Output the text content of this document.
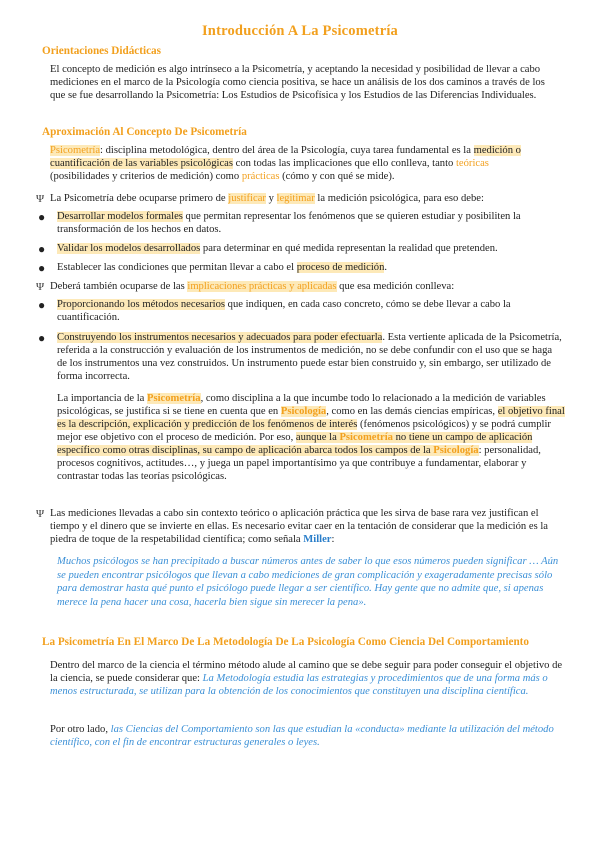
Introducción A La Psicometría
Orientaciones Didácticas
El concepto de medición es algo intrínseco a la Psicometría, y aceptando la necesidad y posibilidad de llevar a cabo mediciones en el marco de la Psicología como ciencia positiva, se hace un análisis de los dos caminos a través de los que se fue desarrollando la Psicometría: Los Estudios de Psicofísica y los Estudios de las Diferencias Individuales.
Aproximación Al Concepto De Psicometría
Psicometría: disciplina metodológica, dentro del área de la Psicología, cuya tarea fundamental es la medición o cuantificación de las variables psicológicas con todas las implicaciones que ello conlleva, tanto teóricas (posibilidades y criterios de medición) como prácticas (cómo y con qué se mide).
Ψ La Psicometría debe ocuparse primero de justificar y legitimar la medición psicológica, para eso debe:
● Desarrollar modelos formales que permitan representar los fenómenos que se quieren estudiar y posibiliten la transformación de los hechos en datos.
● Validar los modelos desarrollados para determinar en qué medida representan la realidad que pretenden.
● Establecer las condiciones que permitan llevar a cabo el proceso de medición.
Ψ Deberá también ocuparse de las implicaciones prácticas y aplicadas que esa medición conlleva:
● Proporcionando los métodos necesarios que indiquen, en cada caso concreto, cómo se debe llevar a cabo la cuantificación.
● Construyendo los instrumentos necesarios y adecuados para poder efectuarla. Esta vertiente aplicada de la Psicometría, referida a la construcción y evaluación de los instrumentos de medición, no se debe confundir con el uso que se haga de los instrumentos una vez construidos. Un instrumento puede estar bien construido y, sin embargo, ser utilizado de forma incorrecta.
La importancia de la Psicometría, como disciplina a la que incumbe todo lo relacionado a la medición de variables psicológicas, se justifica si se tiene en cuenta que en Psicología, como en las demás ciencias empíricas, el objetivo final es la descripción, explicación y predicción de los fenómenos de interés (fenómenos psicológicos) y se podrá cumplir mejor ese objetivo con el proceso de medición. Por eso, aunque la Psicometría no tiene un campo de aplicación específico como otras disciplinas, su campo de aplicación abarca todos los campos de la Psicología: personalidad, procesos cognitivos, actitudes…, y juega un papel importantísimo ya que contribuye a fundamentar, elaborar y contrastar todas las teorías psicológicas.
Ψ Las mediciones llevadas a cabo sin contexto teórico o aplicación práctica que les sirva de base rara vez justifican el tiempo y el dinero que se invierte en ellas. Es necesario evitar caer en la tentación de considerar que la medición es la piedra de toque de la respetabilidad científica; como señala Miller:
Muchos psicólogos se han precipitado a buscar números antes de saber lo que esos números pueden significar … Aún se pueden encontrar psicólogos que llevan a cabo mediciones de gran complicación y exageradamente precisas sólo para demostrar hasta qué punto el psicólogo puede llegar a ser científico. Hay gente que no admite que, si apenas merece la pena hacer una cosa, hacerla bien sigue sin merecer la pena».
La Psicometría En El Marco De La Metodología De La Psicología Como Ciencia Del Comportamiento
Dentro del marco de la ciencia el término método alude al camino que se debe seguir para poder conseguir el objetivo de la ciencia, se puede considerar que: La Metodología estudia las estrategias y procedimientos que de una forma más o menos estructurada, se utilizan para la obtención de los conocimientos que constituyen una disciplina científica.
Por otro lado, las Ciencias del Comportamiento son las que estudian la «conducta» mediante la utilización del método científico, con el fin de encontrar estructuras generales o leyes.
